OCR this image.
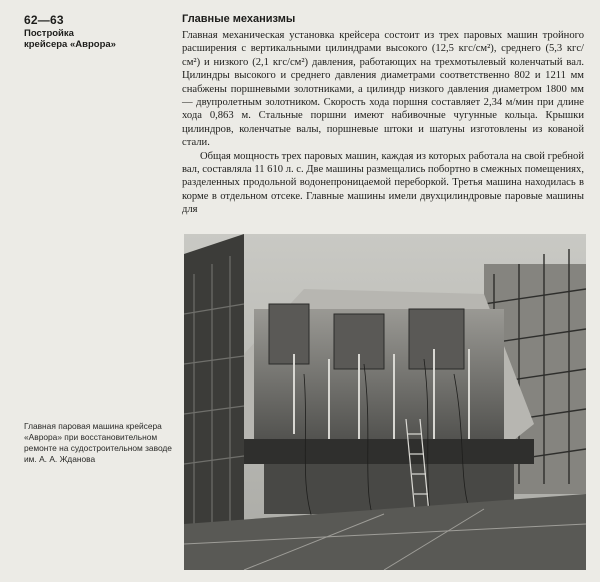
62—63
Постройка
крейсера «Аврора»
Главные механизмы

Главная механическая установка крейсера состоит из трех паровых машин тройного расширения с вертикальными цилиндрами высокого (12,5 кгс/см²), среднего (5,3 кгс/см²) и низкого (2,1 кгс/см²) давления, работающих на трехмотылевый коленчатый вал. Цилиндры высокого и среднего давления диаметрами соответственно 802 и 1211 мм снабжены поршневыми золотниками, а цилиндр низкого давления диаметром 1800 мм — двупролетным золотником. Скорость хода поршня составляет 2,34 м/мин при длине хода 0,863 м. Стальные поршни имеют набивочные чугунные кольца. Крышки цилиндров, коленчатые валы, поршневые штоки и шатуны изготовлены из кованой стали.

Общая мощность трех паровых машин, каждая из которых работала на свой гребной вал, составляла 11 610 л. с. Две машины размещались побортно в смежных помещениях, разделенных продольной водонепроницаемой переборкой. Третья машина находилась в корме в отдельном отсеке. Главные машины имели двухцилиндровые паровые машины для

Главная паровая машина крейсера «Аврора» при восстановительном ремонте на судостроительном заводе им. А. А. Жданова
